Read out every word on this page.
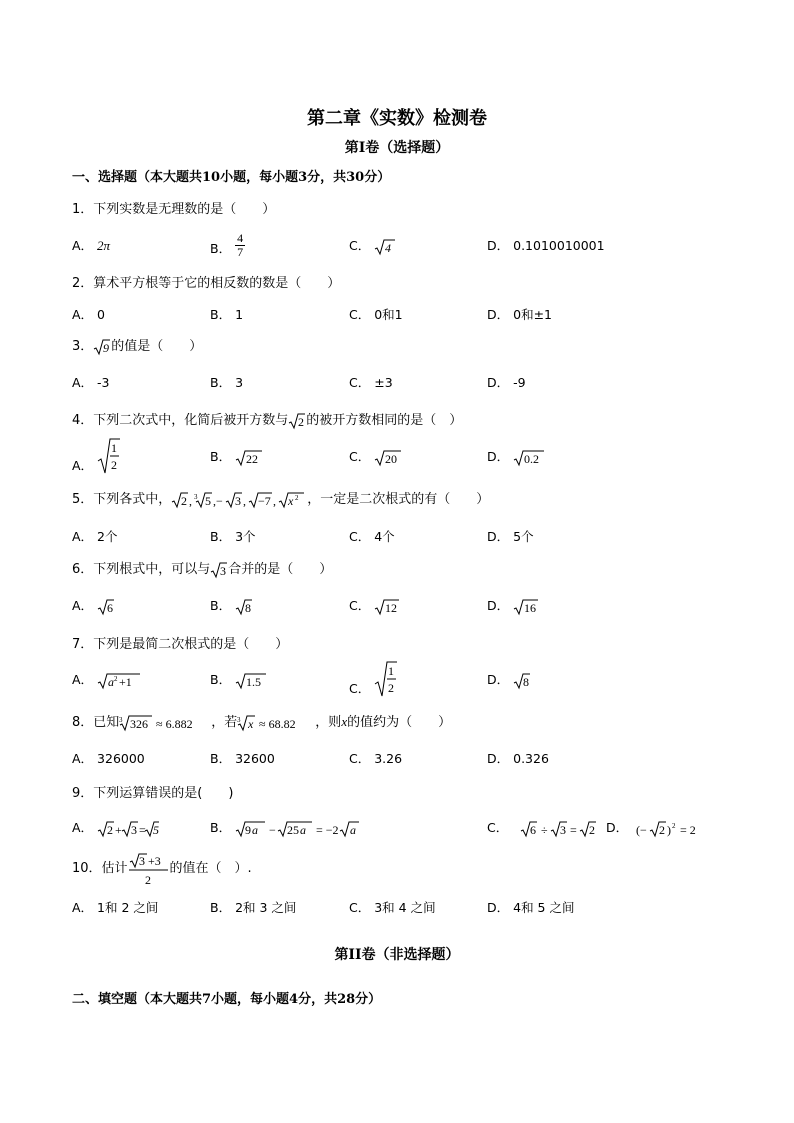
第二章《实数》检测卷
第I卷（选择题）
一、选择题（本大题共10小题，每小题3分，共30分）
1．下列实数是无理数的是（　　）
A． 2π	B． $\frac{4}{7}$	C． 4	D． 0.1010010001
2．算术平方根等于它的相反数的数是（　　）
A． 0	B． 1	C． 0和1	D． 0和±1
3． 9 的值是（　　）
A． -3	B． 3	C． ±3	D． -9
4．下列二次式中，化简后被开方数与 2 的被开方数相同的是（　）
A．
1
2
B． 22	C． 20	D． 0.2
5．下列各式中， 2 , 3 5 ,− 3 , −7 , x 2 ，一定是二次根式的有（　　）
A． 2个	B． 3个	C． 4个	D． 5个
6．下列根式中，可以与 3 合并的是（　　）
A． 6	B． 8	C． 12	D． 16
7．下列是最简二次根式的是（　　）
A． a 2 +1	B． 1.5	C．
1
2
D． 8
8．已知 3 326 ≈ 6.882 ，若 3 x ≈ 68.82 ，则x的值约为（　　）
A． 326000	B． 32600	C． 3.26	D． 0.326
9．下列运算错误的是(　　)
A． 2 + 3 = 5	B． 9 a − 25 a = −2 a	C． 6 ÷ 3 = 2 D． (− 2 ) 2 = 2
10．估计 3 +3
2
的值在（　）.
A． 1和 2 之间	B． 2和 3 之间	C． 3和 4 之间	D． 4和 5 之间
第II卷（非选择题）
二、填空题（本大题共7小题，每小题4分，共28分）
